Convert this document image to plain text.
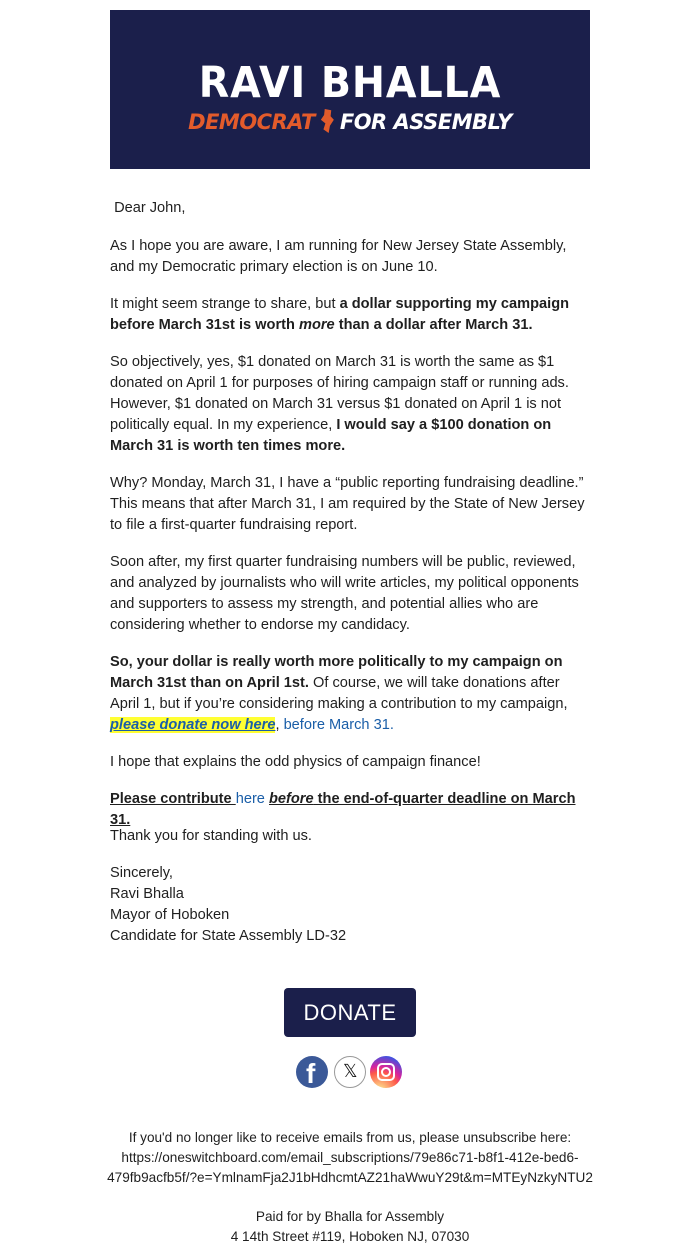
RAVI BHALLA
DEMOCRAT FOR ASSEMBLY

Dear John,

As I hope you are aware, I am running for New Jersey State Assembly, and my Democratic primary election is on June 10.

It might seem strange to share, but a dollar supporting my campaign before March 31st is worth more than a dollar after March 31.

So objectively, yes, $1 donated on March 31 is worth the same as $1 donated on April 1 for purposes of hiring campaign staff or running ads. However, $1 donated on March 31 versus $1 donated on April 1 is not politically equal. In my experience, I would say a $100 donation on March 31 is worth ten times more.

Why? Monday, March 31, I have a “public reporting fundraising deadline.” This means that after March 31, I am required by the State of New Jersey to file a first-quarter fundraising report.

Soon after, my first quarter fundraising numbers will be public, reviewed, and analyzed by journalists who will write articles, my political opponents and supporters to assess my strength, and potential allies who are considering whether to endorse my candidacy.

So, your dollar is really worth more politically to my campaign on March 31st than on April 1st. Of course, we will take donations after April 1, but if you’re considering making a contribution to my campaign, please donate now here, before March 31.

I hope that explains the odd physics of campaign finance!

Please contribute here before the end-of-quarter deadline on March 31.

Thank you for standing with us.

Sincerely,
Ravi Bhalla
Mayor of Hoboken
Candidate for State Assembly LD-32

DONATE
f 𝕏
If you'd no longer like to receive emails from us, please unsubscribe here:
https://oneswitchboard.com/email_subscriptions/79e86c71-b8f1-412e-bed6-
479fb9acfb5f/?e=YmlnamFja2J1bHdhcmtAZ21haWwuY29t&m=MTEyNzkyNTU2
Paid for by Bhalla for Assembly
4 14th Street #119, Hoboken NJ, 07030
